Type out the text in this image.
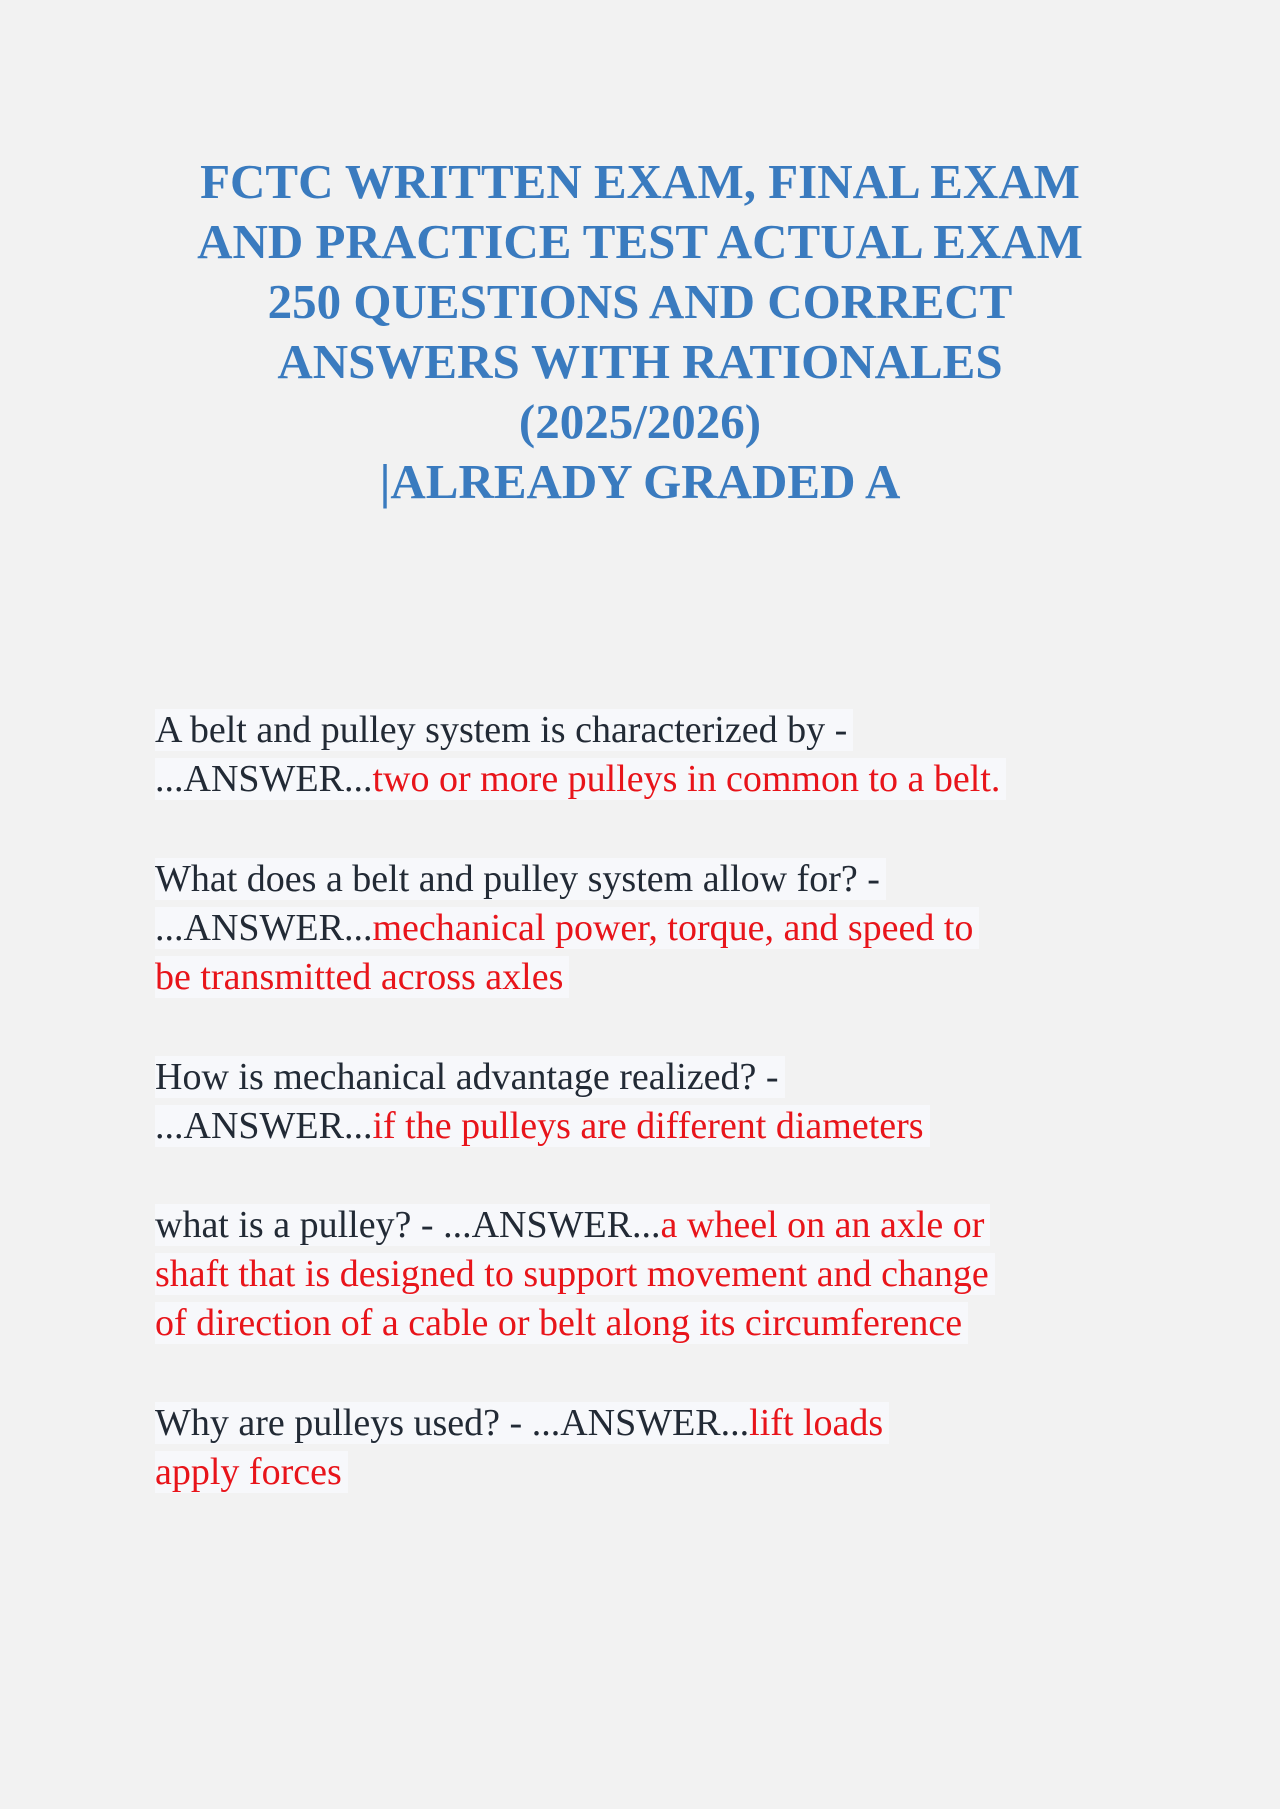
FCTC WRITTEN EXAM, FINAL EXAM
AND PRACTICE TEST ACTUAL EXAM
250 QUESTIONS AND CORRECT
ANSWERS WITH RATIONALES
(2025/2026)
|ALREADY GRADED A
A belt and pulley system is characterized by -
...ANSWER...two or more pulleys in common to a belt.
What does a belt and pulley system allow for? -
...ANSWER...mechanical power, torque, and speed to
be transmitted across axles
How is mechanical advantage realized? -
...ANSWER...if the pulleys are different diameters
what is a pulley? - ...ANSWER...a wheel on an axle or
shaft that is designed to support movement and change
of direction of a cable or belt along its circumference
Why are pulleys used? - ...ANSWER...lift loads
apply forces
